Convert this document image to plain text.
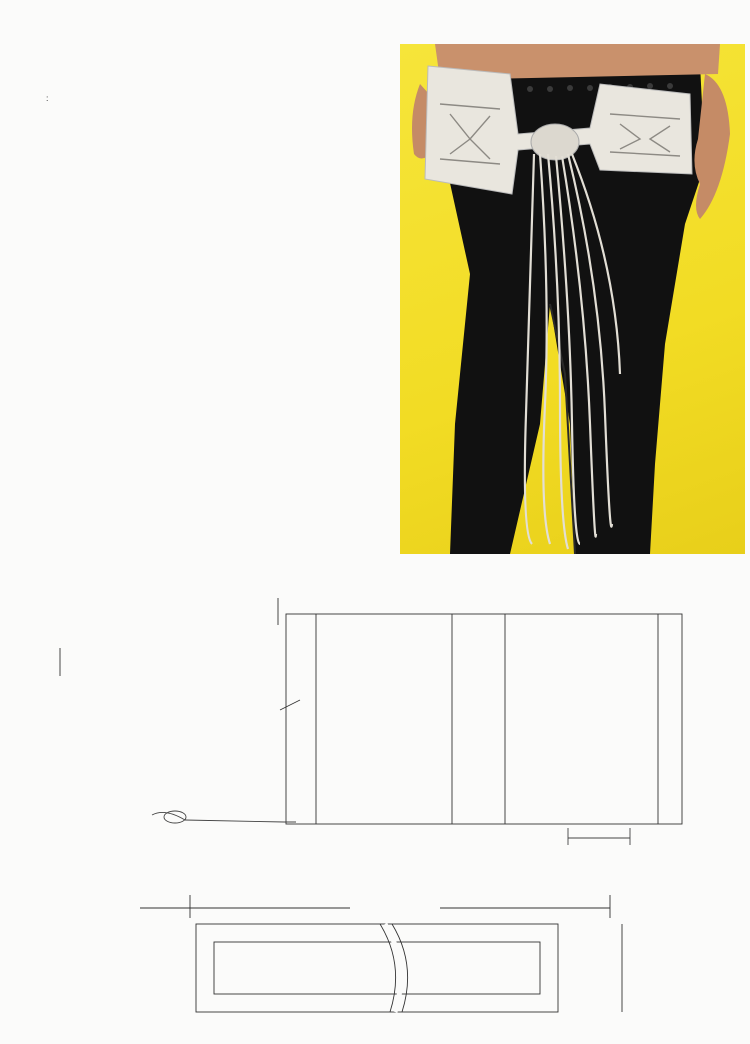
:
